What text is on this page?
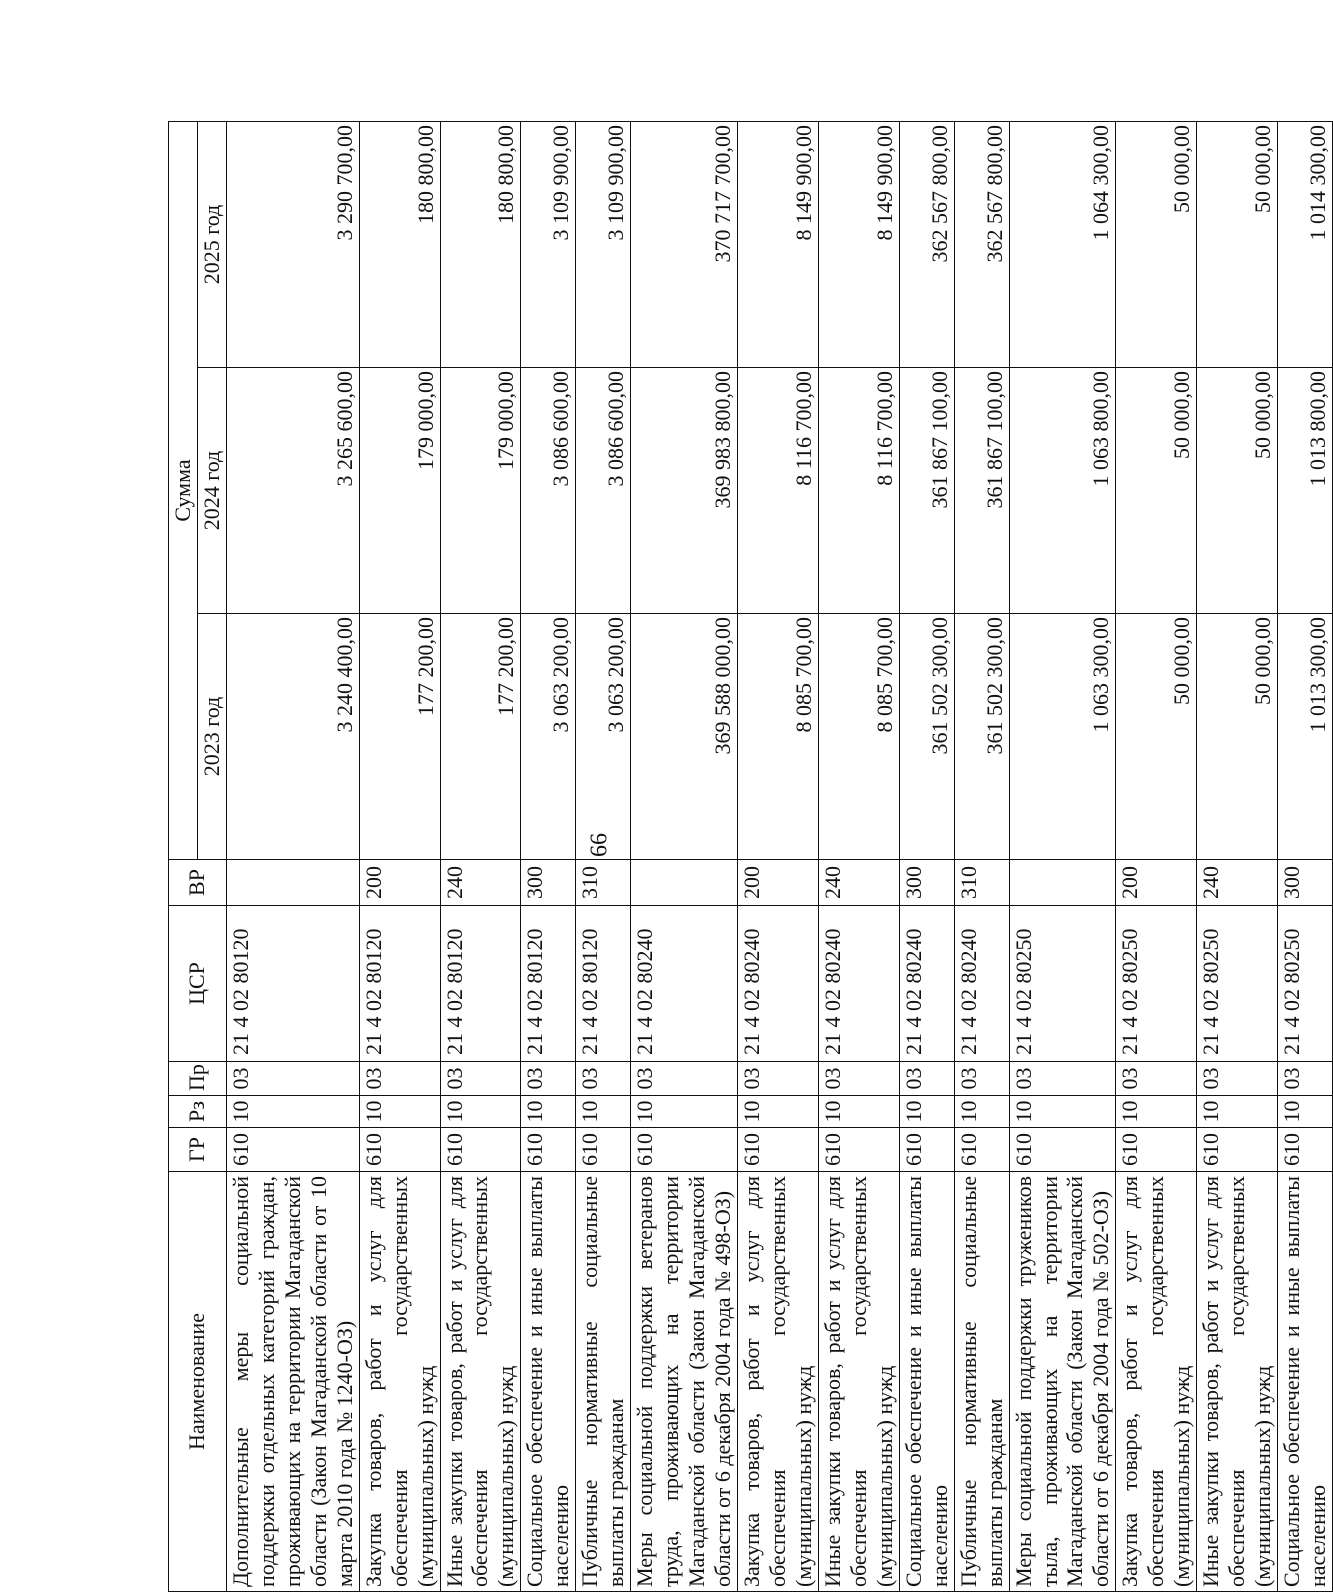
66
Наименование	ГР	Рз	Пр	ЦСР	ВР	Сумма		
						2023 год	2024 год	2025 год
Дополнительные меры социальной поддержки отдельных категорий граждан, проживающих на территории Магаданской области (Закон Магаданской области от 10 марта 2010 года № 1240-ОЗ)	610	10	03	21 4 02 80120		3 240 400,00	3 265 600,00	3 290 700,00
Закупка товаров, работ и услуг для обеспечения государственных (муниципальных) нужд	610	10	03	21 4 02 80120	200	177 200,00	179 000,00	180 800,00
Иные закупки товаров, работ и услуг для обеспечения государственных (муниципальных) нужд	610	10	03	21 4 02 80120	240	177 200,00	179 000,00	180 800,00
Социальное обеспечение и иные выплаты населению	610	10	03	21 4 02 80120	300	3 063 200,00	3 086 600,00	3 109 900,00
Публичные нормативные социальные выплаты гражданам	610	10	03	21 4 02 80120	310	3 063 200,00	3 086 600,00	3 109 900,00
Меры социальной поддержки ветеранов труда, проживающих на территории Магаданской области (Закон Магаданской области от 6 декабря 2004 года № 498-ОЗ)	610	10	03	21 4 02 80240		369 588 000,00	369 983 800,00	370 717 700,00
Закупка товаров, работ и услуг для обеспечения государственных (муниципальных) нужд	610	10	03	21 4 02 80240	200	8 085 700,00	8 116 700,00	8 149 900,00
Иные закупки товаров, работ и услуг для обеспечения государственных (муниципальных) нужд	610	10	03	21 4 02 80240	240	8 085 700,00	8 116 700,00	8 149 900,00
Социальное обеспечение и иные выплаты населению	610	10	03	21 4 02 80240	300	361 502 300,00	361 867 100,00	362 567 800,00
Публичные нормативные социальные выплаты гражданам	610	10	03	21 4 02 80240	310	361 502 300,00	361 867 100,00	362 567 800,00
Меры социальной поддержки тружеников тыла, проживающих на территории Магаданской области (Закон Магаданской области от 6 декабря 2004 года № 502-ОЗ)	610	10	03	21 4 02 80250		1 063 300,00	1 063 800,00	1 064 300,00
Закупка товаров, работ и услуг для обеспечения государственных (муниципальных) нужд	610	10	03	21 4 02 80250	200	50 000,00	50 000,00	50 000,00
Иные закупки товаров, работ и услуг для обеспечения государственных (муниципальных) нужд	610	10	03	21 4 02 80250	240	50 000,00	50 000,00	50 000,00
Социальное обеспечение и иные выплаты населению	610	10	03	21 4 02 80250	300	1 013 300,00	1 013 800,00	1 014 300,00
